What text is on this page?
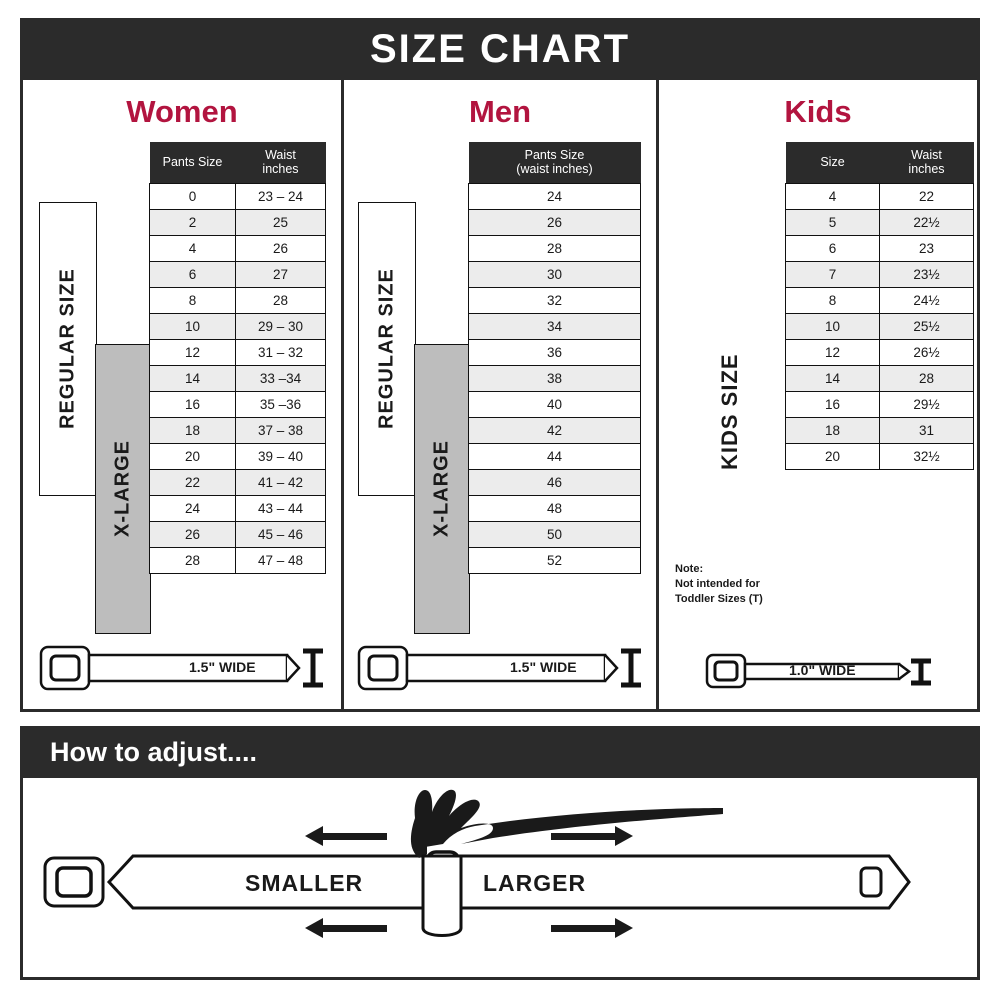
SIZE CHART
Women
REGULAR SIZE
X-LARGE
Pants Size	Waist
inches
0	23 – 24
2	25
4	26
6	27
8	28
10	29 – 30
12	31 – 32
14	33 –34
16	35 –36
18	37 – 38
20	39 – 40
22	41 – 42
24	43 – 44
26	45 – 46
28	47 – 48
1.5" WIDE
Men
REGULAR SIZE
X-LARGE
Pants Size
(waist inches)
24
26
28
30
32
34
36
38
40
42
44
46
48
50
52
1.5" WIDE
Kids
KIDS SIZE
Note:
Not intended for
Toddler Sizes (T)
Size	Waist
inches
4	22
5	22½
6	23
7	23½
8	24½
10	25½
12	26½
14	28
16	29½
18	31
20	32½
1.0" WIDE
How to adjust....
SMALLER	LARGER
